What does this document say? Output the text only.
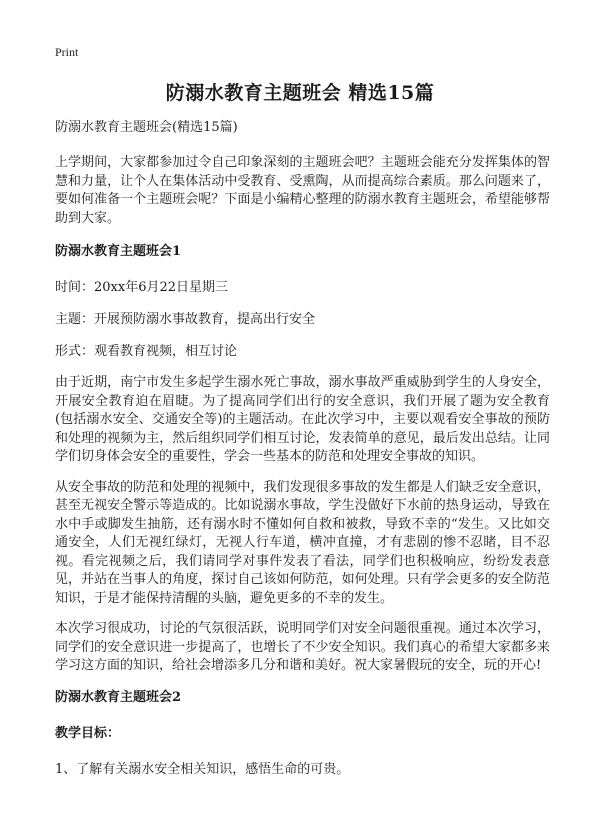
Print
防溺水教育主题班会 精选15篇

防溺水教育主题班会(精选15篇)

上学期间，大家都参加过令自己印象深刻的主题班会吧？主题班会能充分发挥集体的智慧和力量，让个人在集体活动中受教育、受熏陶，从而提高综合素质。那么问题来了，要如何准备一个主题班会呢？下面是小编精心整理的防溺水教育主题班会，希望能够帮助到大家。

防溺水教育主题班会1

时间：20xx年6月22日星期三

主题：开展预防溺水事故教育，提高出行安全

形式：观看教育视频，相互讨论

由于近期，南宁市发生多起学生溺水死亡事故，溺水事故严重威胁到学生的人身安全，开展安全教育迫在眉睫。为了提高同学们出行的安全意识，我们开展了题为安全教育(包括溺水安全、交通安全等)的主题活动。在此次学习中，主要以观看安全事故的预防和处理的视频为主，然后组织同学们相互讨论，发表简单的意见，最后发出总结。让同学们切身体会安全的重要性，学会一些基本的防范和处理安全事故的知识。

从安全事故的防范和处理的视频中，我们发现很多事故的发生都是人们缺乏安全意识，甚至无视安全警示等造成的。比如说溺水事故，学生没做好下水前的热身运动，导致在水中手或脚发生抽筋，还有溺水时不懂如何自救和被救，导致不幸的“发生。又比如交通安全，人们无视红绿灯，无视人行车道，横冲直撞，才有悲剧的惨不忍睹，目不忍视。看完视频之后，我们请同学对事件发表了看法，同学们也积极响应，纷纷发表意见，并站在当事人的角度，探讨自己该如何防范，如何处理。只有学会更多的安全防范知识，于是才能保持清醒的头脑，避免更多的不幸的发生。

本次学习很成功，讨论的气氛很活跃，说明同学们对安全问题很重视。通过本次学习，同学们的安全意识进一步提高了，也增长了不少安全知识。我们真心的希望大家都多来学习这方面的知识，给社会增添多几分和谐和美好。祝大家暑假玩的安全，玩的开心!

防溺水教育主题班会2

教学目标：

1、了解有关溺水安全相关知识，感悟生命的可贵。
